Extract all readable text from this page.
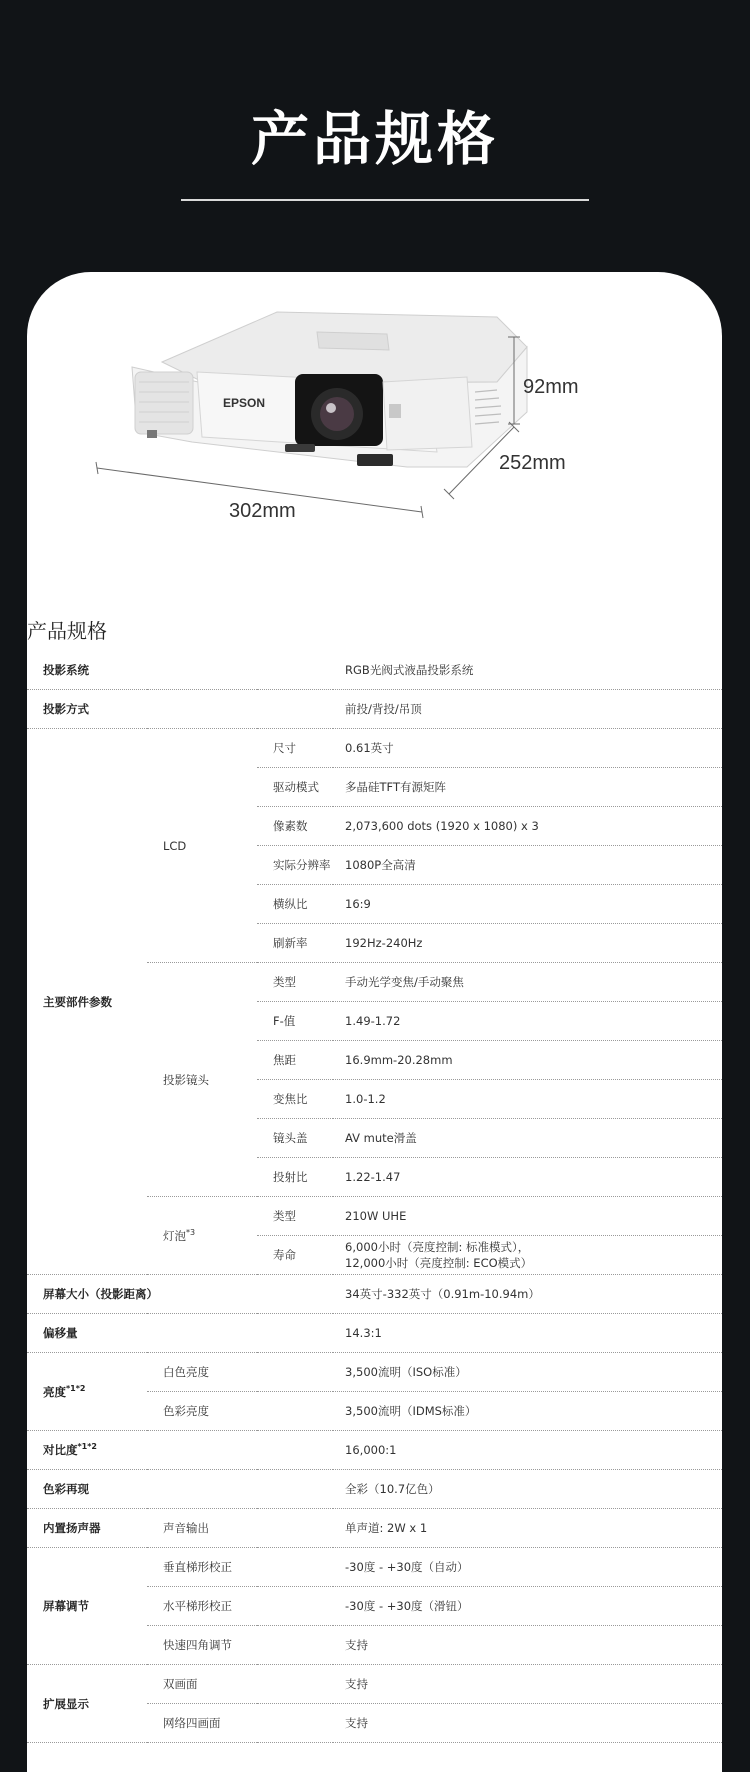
产品规格
EPSON
92mm
252mm
302mm
产品规格
投影系统			RGB光阀式液晶投影系统
投影方式			前投/背投/吊顶
主要部件参数	LCD	尺寸	0.61英寸
		驱动模式	多晶硅TFT有源矩阵
		像素数	2,073,600 dots (1920 x 1080) x 3
		实际分辨率	1080P全高清
		横纵比	16:9
		刷新率	192Hz-240Hz
	投影镜头	类型	手动光学变焦/手动聚焦
		F-值	1.49-1.72
		焦距	16.9mm-20.28mm
		变焦比	1.0-1.2
		镜头盖	AV mute滑盖
		投射比	1.22-1.47
	灯泡$^{*3}$	类型	210W UHE
		寿命	6,000小时（亮度控制: 标准模式），
12,000小时（亮度控制: ECO模式）

屏幕大小（投影距离）			34英寸-332英寸（0.91m-10.94m）
偏移量			14.3:1
亮度$^{*1*2}$	白色亮度		3,500流明（ISO标准）
	色彩亮度		3,500流明（IDMS标准）
对比度$^{*1*2}$			16,000:1
色彩再现			全彩（10.7亿色）
内置扬声器	声音输出		单声道: 2W x 1
屏幕调节	垂直梯形校正		-30度 - +30度（自动）
	水平梯形校正		-30度 - +30度（滑钮）
	快速四角调节		支持
扩展显示	双画面		支持
	网络四画面		支持
